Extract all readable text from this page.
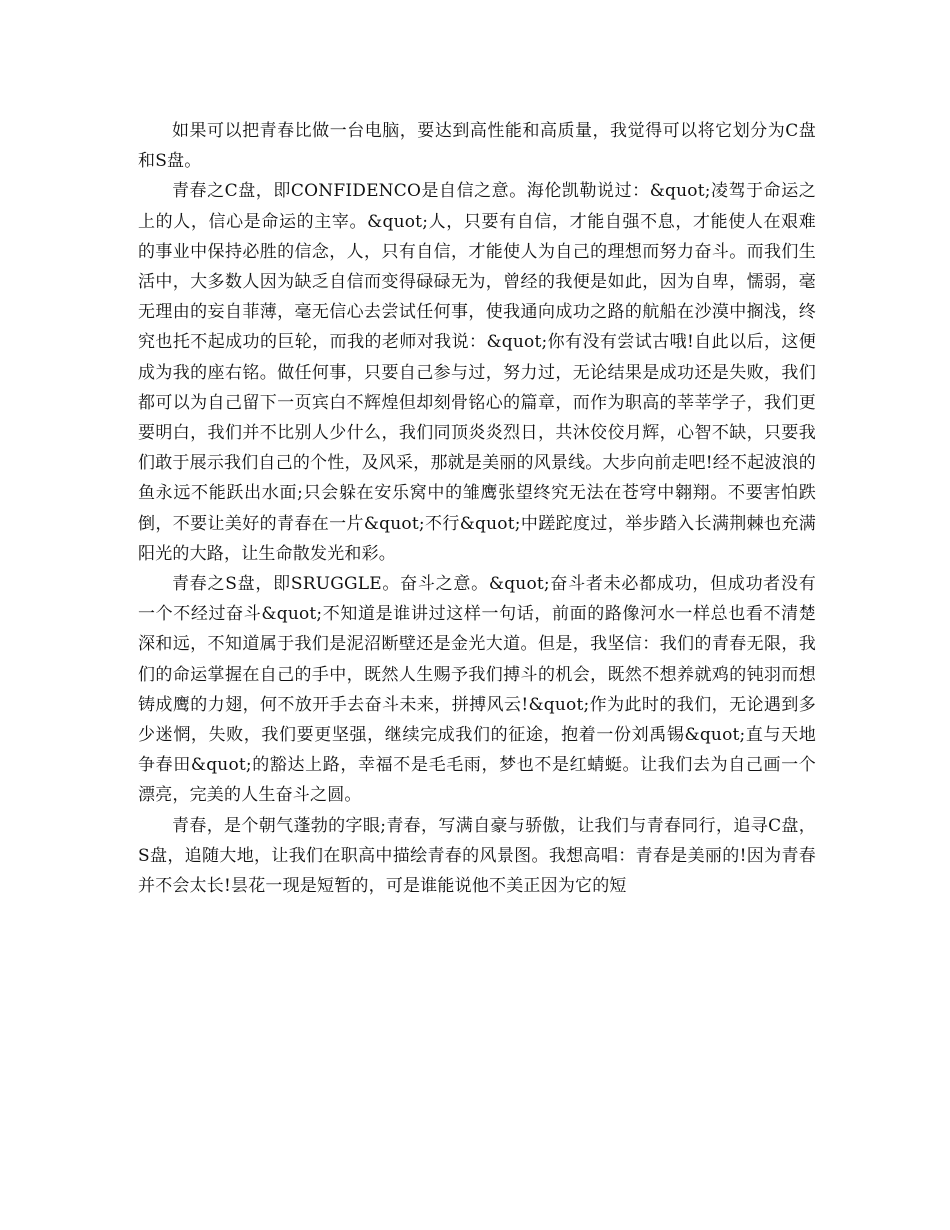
如果可以把青春比做一台电脑，要达到高性能和高质量，我觉得可以将它划分为C盘和S盘。

青春之C盘，即CONFIDENCO是自信之意。海伦凯勒说过：&quot;凌驾于命运之上的人，信心是命运的主宰。&quot;人，只要有自信，才能自强不息，才能使人在艰难的事业中保持必胜的信念，人，只有自信，才能使人为自己的理想而努力奋斗。而我们生活中，大多数人因为缺乏自信而变得碌碌无为，曾经的我便是如此，因为自卑，懦弱，毫无理由的妄自菲薄，毫无信心去尝试任何事，使我通向成功之路的航船在沙漠中搁浅，终究也托不起成功的巨轮，而我的老师对我说：&quot;你有没有尝试古哦!自此以后，这便成为我的座右铭。做任何事，只要自己参与过，努力过，无论结果是成功还是失败，我们都可以为自己留下一页宾白不辉煌但却刻骨铭心的篇章，而作为职高的莘莘学子，我们更要明白，我们并不比别人少什么，我们同顶炎炎烈日，共沐佼佼月辉，心智不缺，只要我们敢于展示我们自己的个性，及风采，那就是美丽的风景线。大步向前走吧!经不起波浪的鱼永远不能跃出水面;只会躲在安乐窝中的雏鹰张望终究无法在苍穹中翱翔。不要害怕跌倒，不要让美好的青春在一片&quot;不行&quot;中蹉跎度过，举步踏入长满荆棘也充满阳光的大路，让生命散发光和彩。

青春之S盘，即SRUGGLE。奋斗之意。&quot;奋斗者未必都成功，但成功者没有一个不经过奋斗&quot;不知道是谁讲过这样一句话，前面的路像河水一样总也看不清楚深和远，不知道属于我们是泥沼断壁还是金光大道。但是，我坚信：我们的青春无限，我们的命运掌握在自己的手中，既然人生赐予我们搏斗的机会，既然不想养就鸡的钝羽而想铸成鹰的力翅，何不放开手去奋斗未来，拼搏风云!&quot;作为此时的我们，无论遇到多少迷惘，失败，我们要更坚强，继续完成我们的征途，抱着一份刘禹锡&quot;直与天地争春田&quot;的豁达上路，幸福不是毛毛雨，梦也不是红蜻蜓。让我们去为自己画一个漂亮，完美的人生奋斗之圆。

青春，是个朝气蓬勃的字眼;青春，写满自豪与骄傲，让我们与青春同行，追寻C盘，S盘，追随大地，让我们在职高中描绘青春的风景图。我想高唱：青春是美丽的!因为青春并不会太长!昙花一现是短暂的，可是谁能说他不美正因为它的短
